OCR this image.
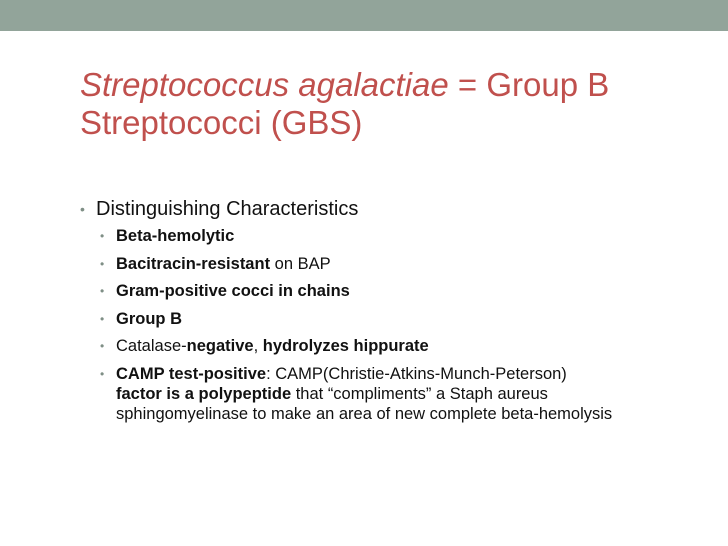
Streptococcus agalactiae = Group B
Streptococci (GBS)
• Distinguishing Characteristics
• Beta-hemolytic
• Bacitracin-resistant on BAP
• Gram-positive cocci in chains
• Group B
• Catalase-negative, hydrolyzes hippurate
• CAMP test-positive: CAMP(Christie-Atkins-Munch-Peterson)
factor is a polypeptide that “compliments” a Staph aureus sphingomyelinase to make an area of new complete beta-hemolysis
